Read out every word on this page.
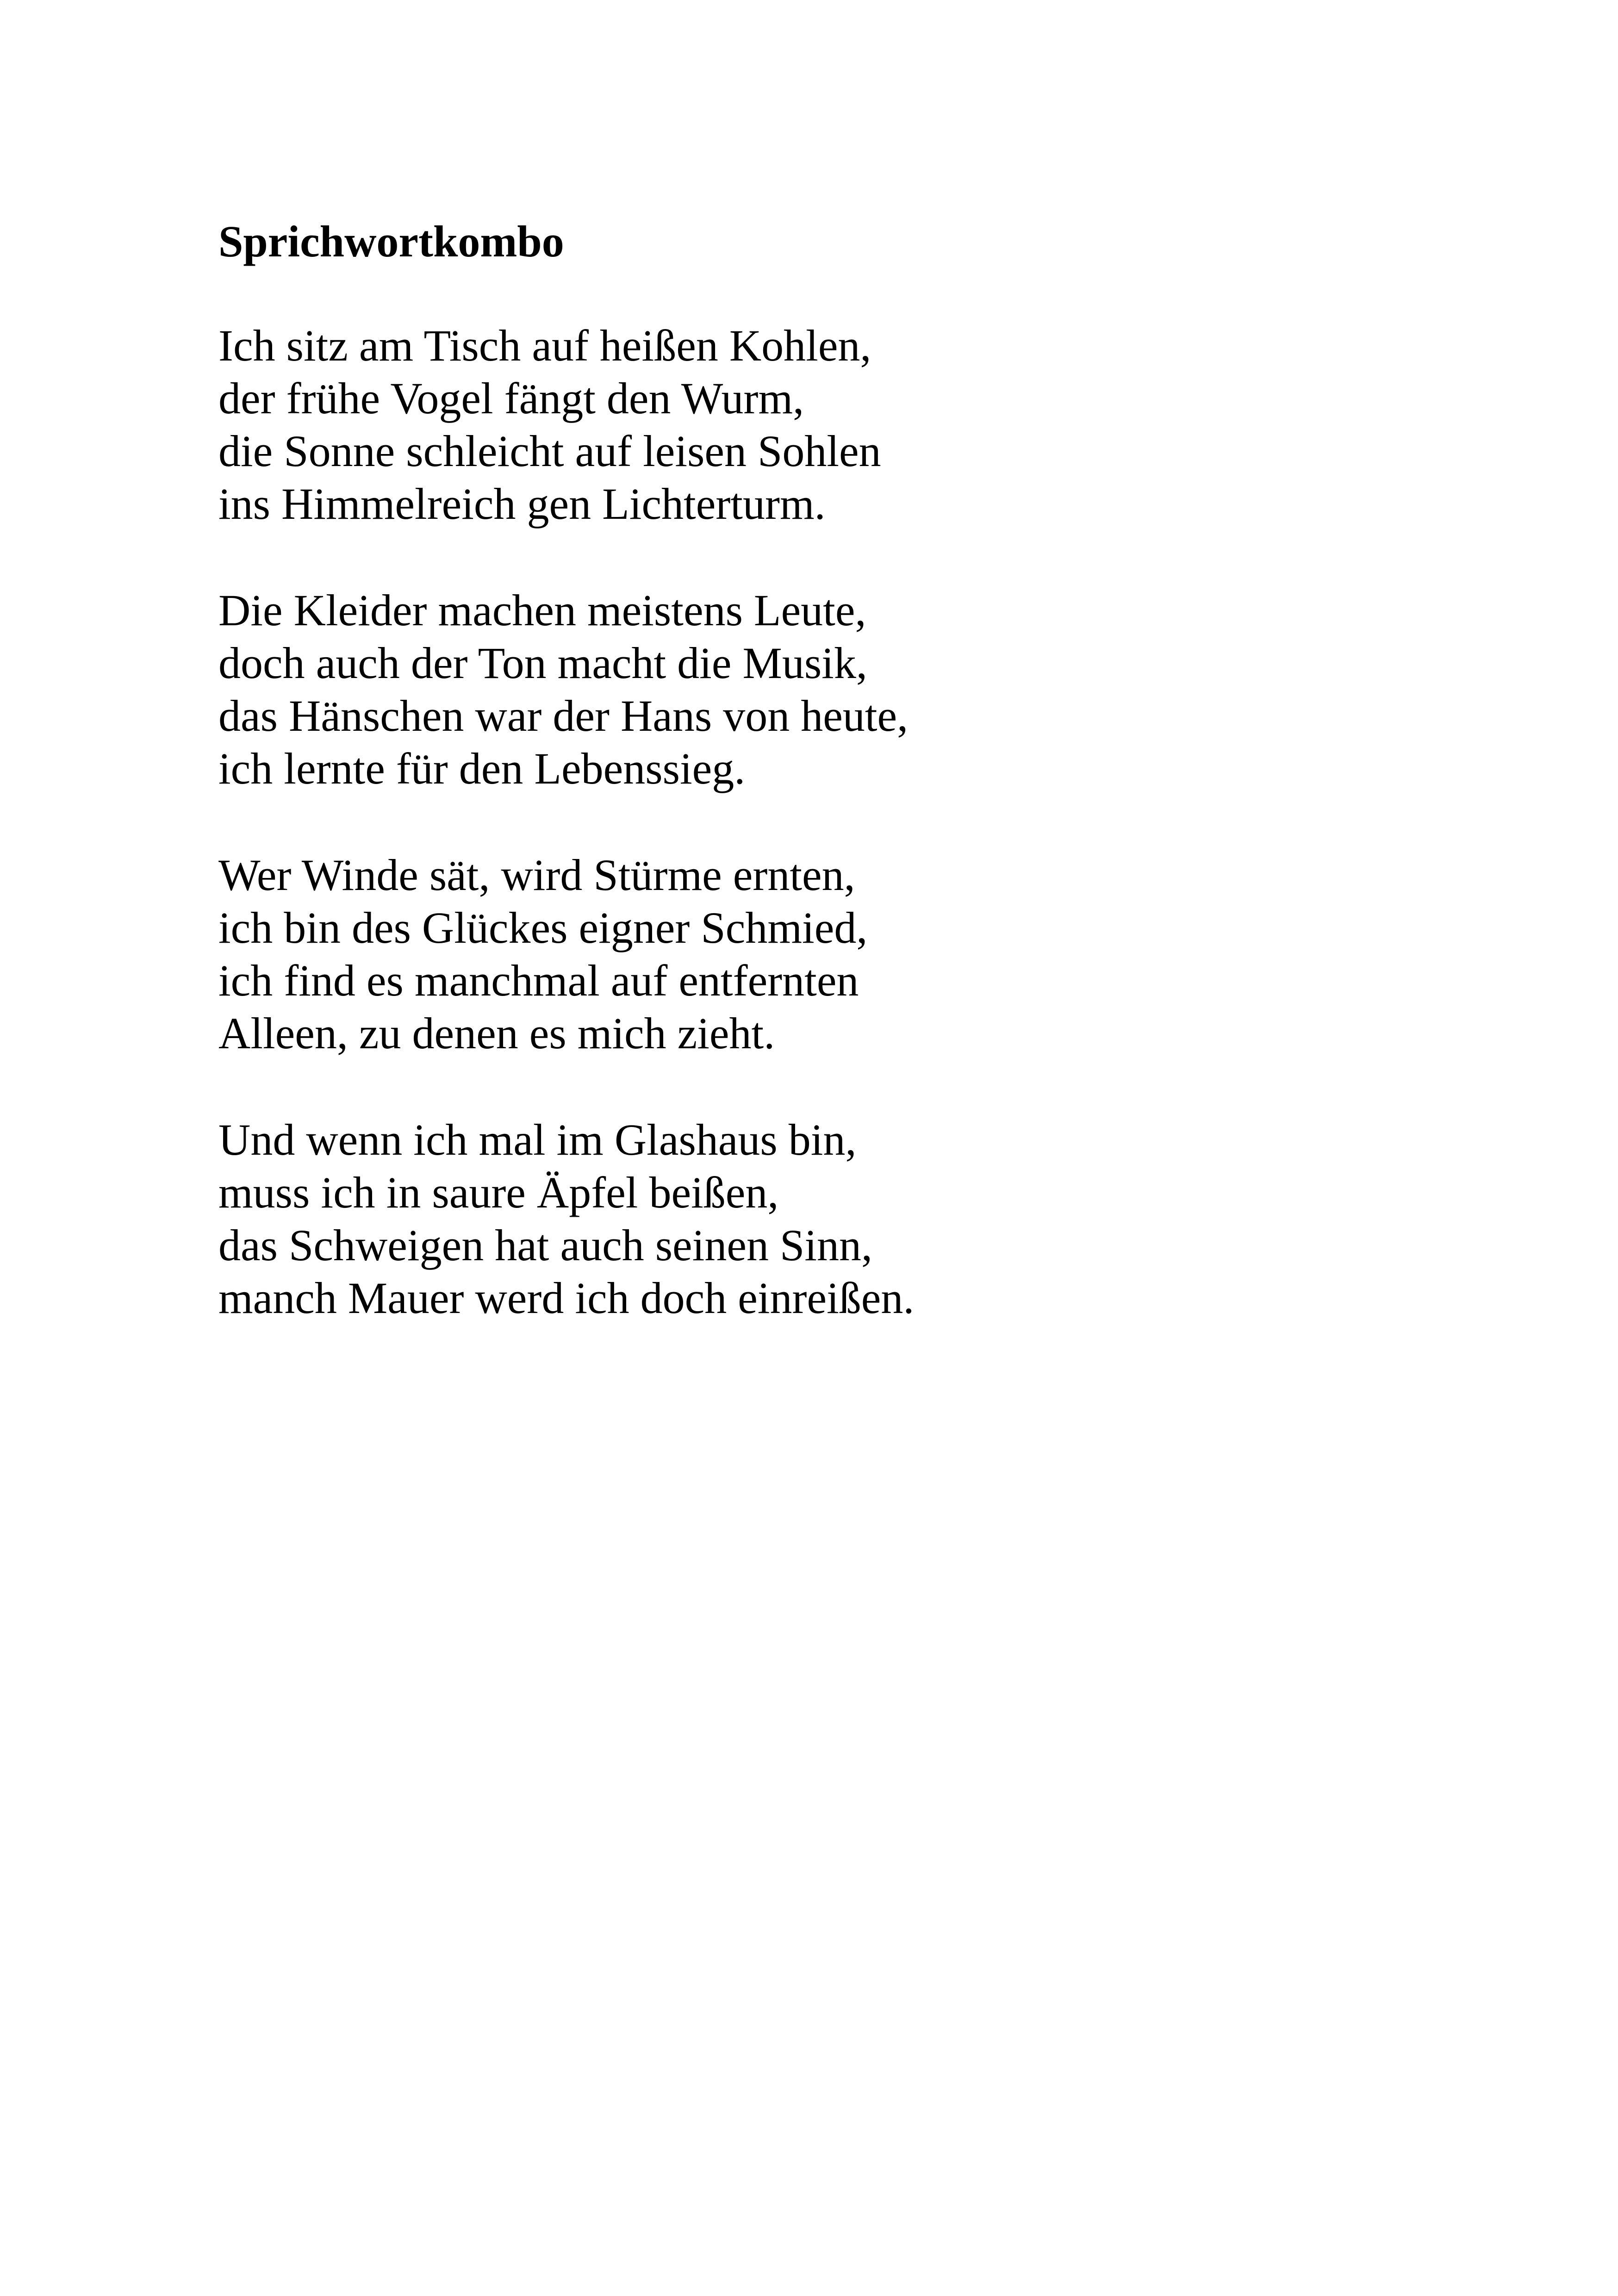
Sprichwortkombo
Ich sitz am Tisch auf heißen Kohlen,
der frühe Vogel fängt den Wurm,
die Sonne schleicht auf leisen Sohlen
ins Himmelreich gen Lichterturm.
Die Kleider machen meistens Leute,
doch auch der Ton macht die Musik,
das Hänschen war der Hans von heute,
ich lernte für den Lebenssieg.
Wer Winde sät, wird Stürme ernten,
ich bin des Glückes eigner Schmied,
ich find es manchmal auf entfernten
Alleen, zu denen es mich zieht.
Und wenn ich mal im Glashaus bin,
muss ich in saure Äpfel beißen,
das Schweigen hat auch seinen Sinn,
manch Mauer werd ich doch einreißen.
